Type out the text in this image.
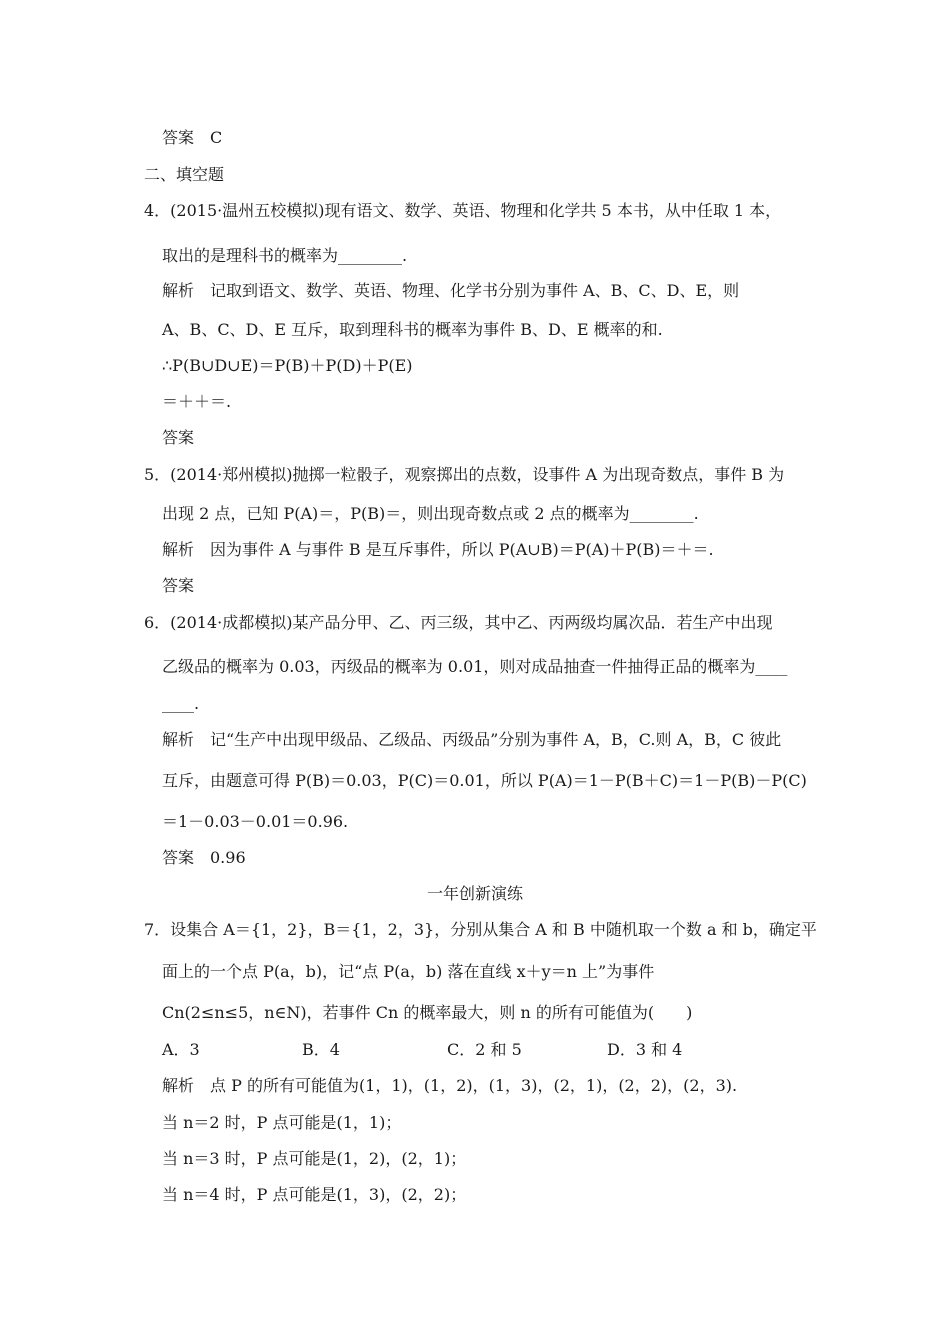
答案　C
二、填空题
4．(2015·温州五校模拟)现有语文、数学、英语、物理和化学共 5 本书，从中任取 1 本，
取出的是理科书的概率为________.
解析　记取到语文、数学、英语、物理、化学书分别为事件 A、B、C、D、E，则
A、B、C、D、E 互斥，取到理科书的概率为事件 B、D、E 概率的和.
∴P(B∪D∪E)＝P(B)＋P(D)＋P(E)
＝＋＋＝.
答案
5．(2014·郑州模拟)抛掷一粒骰子，观察掷出的点数，设事件 A 为出现奇数点，事件 B 为
出现 2 点，已知 P(A)＝，P(B)＝，则出现奇数点或 2 点的概率为________.
解析　因为事件 A 与事件 B 是互斥事件，所以 P(A∪B)＝P(A)＋P(B)＝＋＝.
答案
6．(2014·成都模拟)某产品分甲、乙、丙三级，其中乙、丙两级均属次品．若生产中出现
乙级品的概率为 0.03，丙级品的概率为 0.01，则对成品抽查一件抽得正品的概率为____
____.
解析　记“生产中出现甲级品、乙级品、丙级品”分别为事件 A，B，C.则 A，B，C 彼此
互斥，由题意可得 P(B)＝0.03，P(C)＝0.01，所以 P(A)＝1－P(B＋C)＝1－P(B)－P(C)
＝1－0.03－0.01＝0.96.
答案　0.96
一年创新演练
7．设集合 A＝{1，2}，B＝{1，2，3}，分别从集合 A 和 B 中随机取一个数 a 和 b，确定平
面上的一个点 P(a，b)，记“点 P(a，b) 落在直线 x＋y＝n 上”为事件
Cn(2≤n≤5，n∈N)，若事件 Cn 的概率最大，则 n 的所有可能值为(　　)
A．3	B．4	C．2 和 5	D．3 和 4
解析　点 P 的所有可能值为(1，1)，(1，2)，(1，3)，(2，1)，(2，2)，(2，3).
当 n＝2 时，P 点可能是(1，1)；
当 n＝3 时，P 点可能是(1，2)，(2，1)；
当 n＝4 时，P 点可能是(1，3)，(2，2)；
